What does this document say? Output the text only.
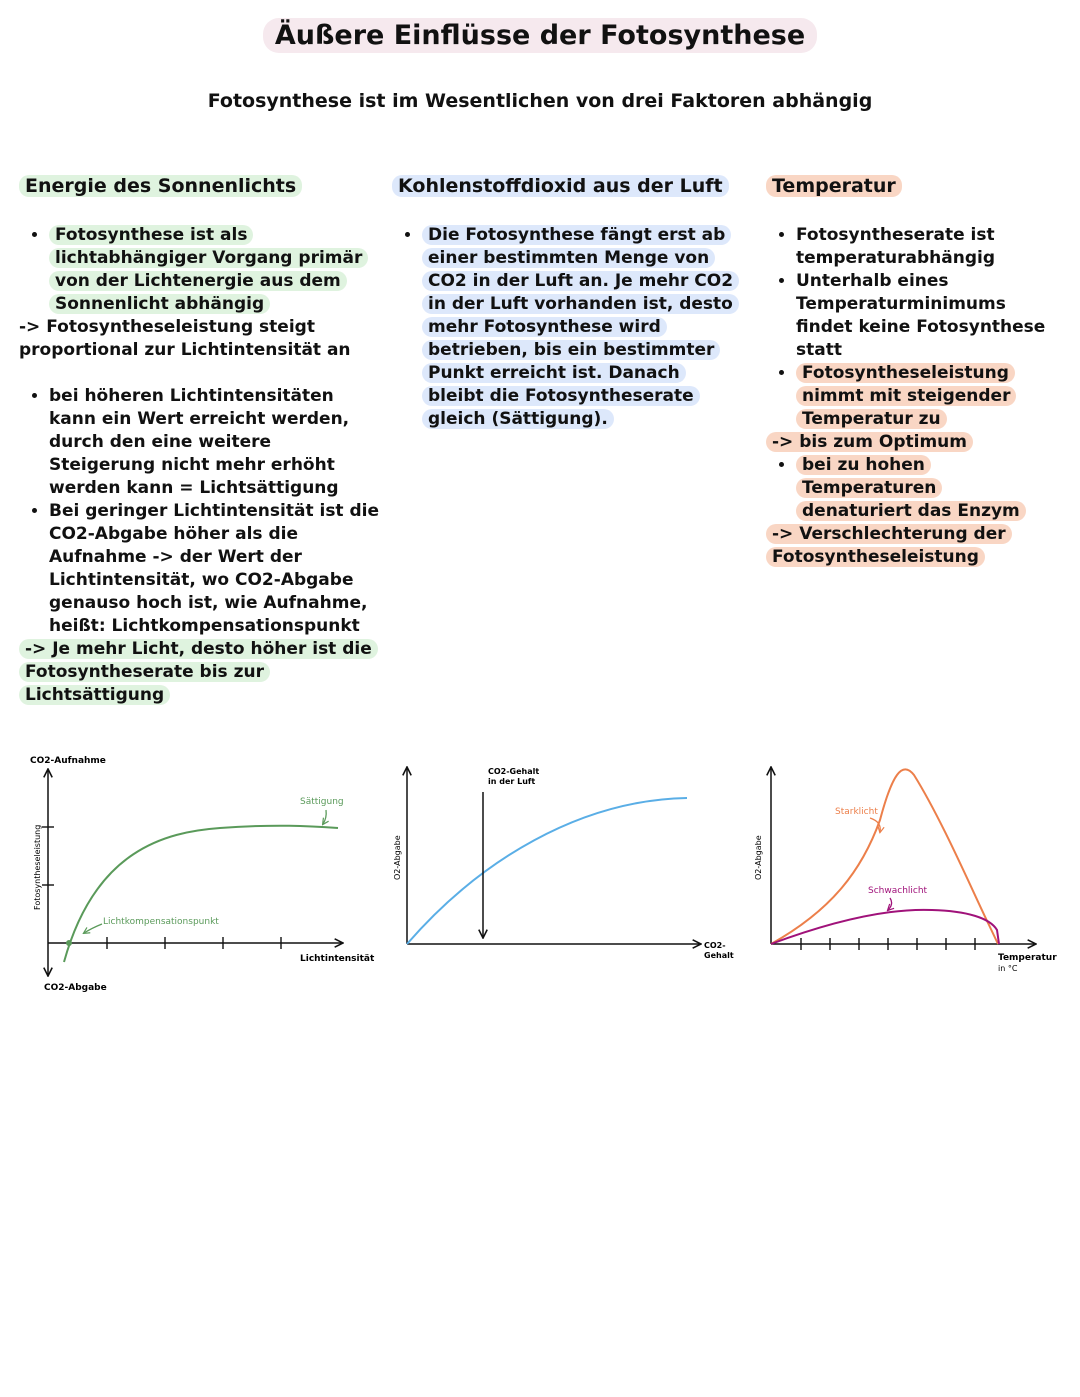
Äußere Einflüsse der Fotosynthese
Fotosynthese ist im Wesentlichen von drei Faktoren abhängig
Energie des Sonnenlichts
• Fotosynthese ist als lichtabhängiger Vorgang primär von der Lichtenergie aus dem Sonnenlicht abhängig

-> Fotosyntheseleistung steigt proportional zur Lichtintensität an

• bei höheren Lichtintensitäten kann ein Wert erreicht werden, durch den eine weitere Steigerung nicht mehr erhöht werden kann = Lichtsättigung
• Bei geringer Lichtintensität ist die CO2-Abgabe höher als die Aufnahme -> der Wert der Lichtintensität, wo CO2-Abgabe genauso hoch ist, wie Aufnahme, heißt: Lichtkompensationspunkt

-> Je mehr Licht, desto höher ist die Fotosyntheserate bis zur Lichtsättigung

Kohlenstoffdioxid aus der Luft
• Die Fotosynthese fängt erst ab einer bestimmten Menge von CO2 in der Luft an. Je mehr CO2 in der Luft vorhanden ist, desto mehr Fotosynthese wird betrieben, bis ein bestimmter Punkt erreicht ist. Danach bleibt die Fotosyntheserate gleich (Sättigung).
Temperatur
• Fotosyntheserate ist temperaturabhängig
• Unterhalb eines Temperaturminimums findet keine Fotosynthese statt
• Fotosyntheseleistung nimmt mit steigender Temperatur zu

-> bis zum Optimum

• bei zu hohen Temperaturen denaturiert das Enzym

-> Verschlechterung der Fotosyntheseleistung

CO2-Aufnahme
CO2-Abgabe
Fotosyntheseleistung
Lichtintensität
Sättigung
Lichtkompensationspunkt
CO2-Gehalt
in der Luft
O2-Abgabe
CO2-
Gehalt
Starklicht
Schwachlicht
O2-Abgabe
Temperatur
in °C
